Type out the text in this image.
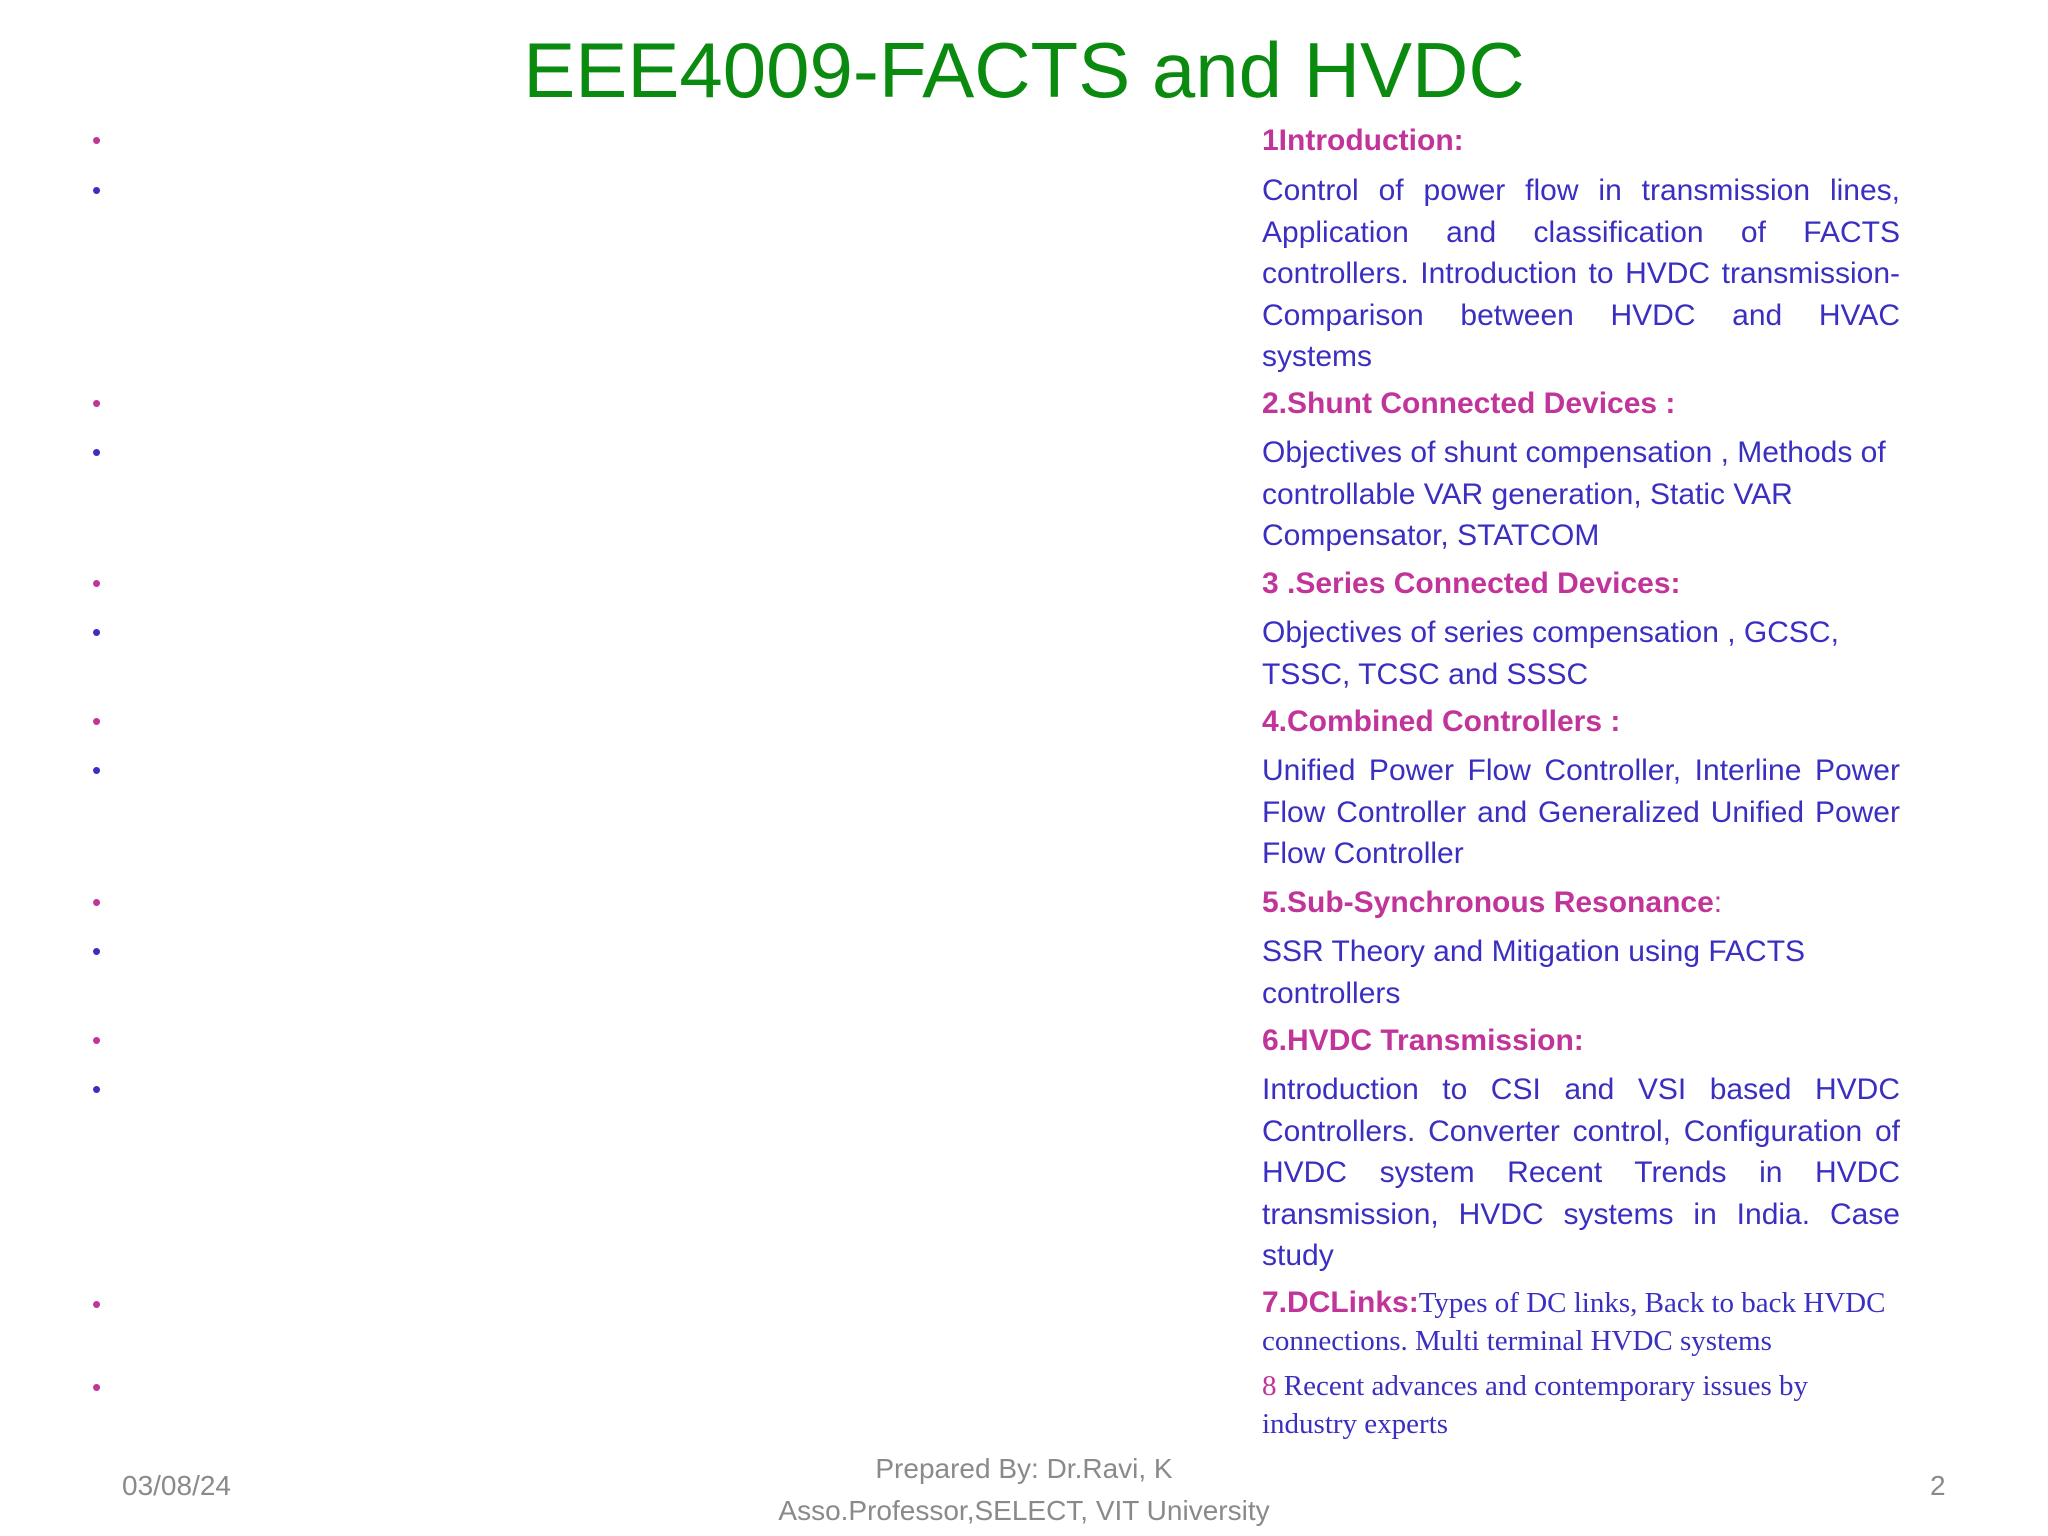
EEE4009-FACTS and HVDC
•	1Introduction:
•	Control of power flow in transmission lines, Application and classification of FACTS controllers. Introduction to HVDC transmission- Comparison between HVDC and HVAC systems
•	2.Shunt Connected Devices :
•	Objectives of shunt compensation , Methods of controllable VAR generation, Static VAR Compensator, STATCOM
•	3 .Series Connected Devices:
•	Objectives of series compensation , GCSC, TSSC, TCSC and SSSC
•	4.Combined Controllers :
•	Unified Power Flow Controller, Interline Power Flow Controller and Generalized Unified Power Flow Controller
•	5.Sub-Synchronous Resonance:
•	SSR Theory and Mitigation using FACTS controllers
•	6.HVDC Transmission:
•	Introduction to CSI and VSI based HVDC Controllers. Converter control, Configuration of HVDC system Recent Trends in HVDC transmission, HVDC systems in India. Case study
•	7.DCLinks:Types of DC links, Back to back HVDC connections. Multi terminal HVDC systems
•	8 Recent advances and contemporary issues by industry experts
03/08/24
Prepared By: Dr.Ravi, K
Asso.Professor,SELECT, VIT University
2
